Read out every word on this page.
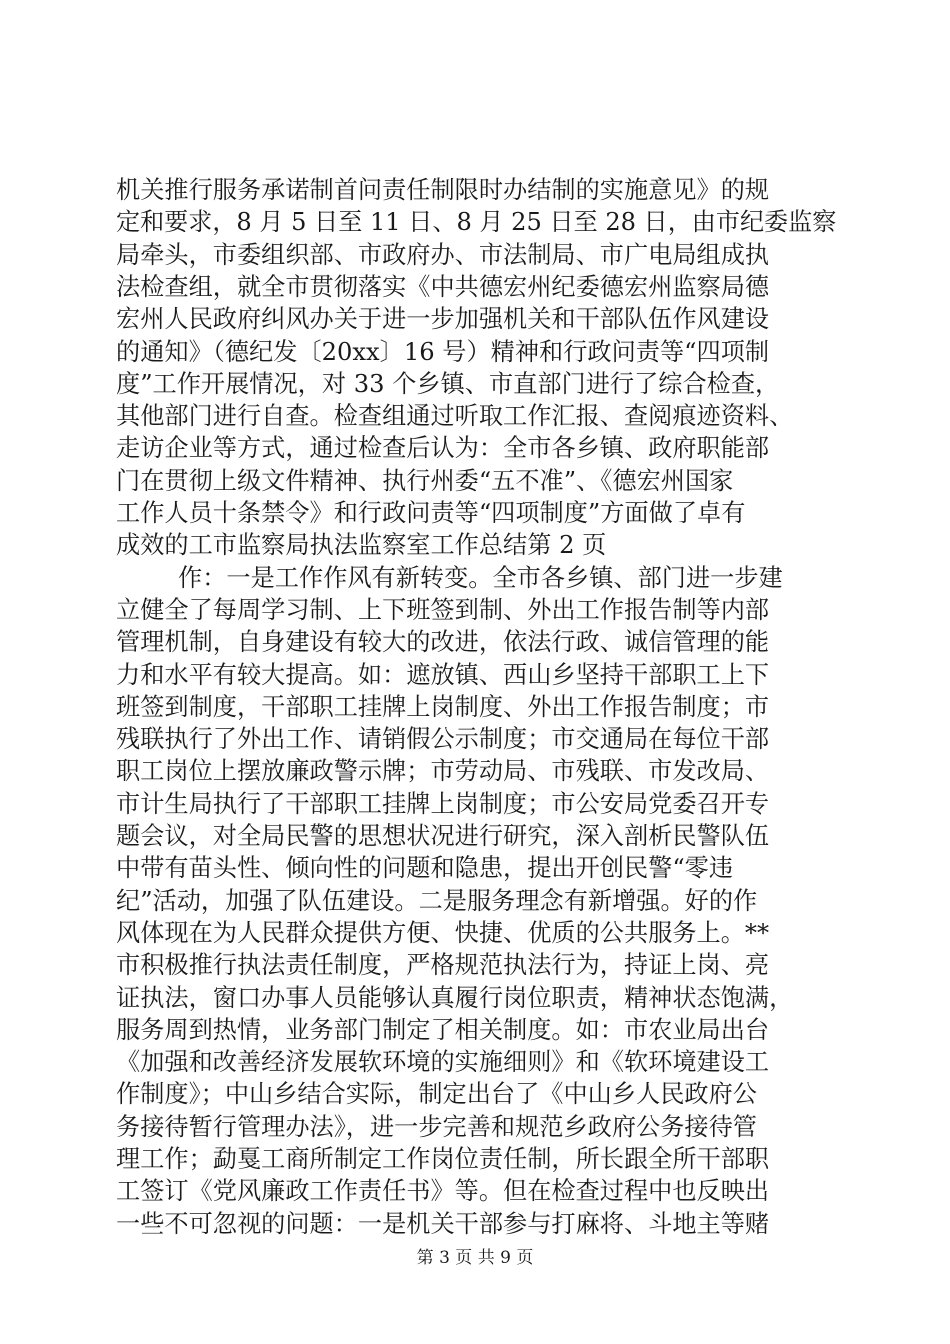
机关推行服务承诺制首问责任制限时办结制的实施意见》的规
定和要求，8 月 5 日至 11 日、8 月 25 日至 28 日，由市纪委监察
局牵头，市委组织部、市政府办、市法制局、市广电局组成执
法检查组，就全市贯彻落实《中共德宏州纪委德宏州监察局德
宏州人民政府纠风办关于进一步加强机关和干部队伍作风建设
的通知》（德纪发〔20xx〕16 号）精神和行政问责等“四项制
度”工作开展情况，对 33 个乡镇、市直部门进行了综合检查，
其他部门进行自查。检查组通过听取工作汇报、查阅痕迹资料、
走访企业等方式，通过检查后认为：全市各乡镇、政府职能部
门在贯彻上级文件精神、执行州委“五不准”、《德宏州国家
工作人员十条禁令》和行政问责等“四项制度”方面做了卓有
成效的工市监察局执法监察室工作总结第 2 页
作：一是工作作风有新转变。全市各乡镇、部门进一步建
立健全了每周学习制、上下班签到制、外出工作报告制等内部
管理机制，自身建设有较大的改进，依法行政、诚信管理的能
力和水平有较大提高。如：遮放镇、西山乡坚持干部职工上下
班签到制度，干部职工挂牌上岗制度、外出工作报告制度；市
残联执行了外出工作、请销假公示制度；市交通局在每位干部
职工岗位上摆放廉政警示牌；市劳动局、市残联、市发改局、
市计生局执行了干部职工挂牌上岗制度；市公安局党委召开专
题会议，对全局民警的思想状况进行研究，深入剖析民警队伍
中带有苗头性、倾向性的问题和隐患，提出开创民警“零违
纪”活动，加强了队伍建设。二是服务理念有新增强。好的作
风体现在为人民群众提供方便、快捷、优质的公共服务上。**
市积极推行执法责任制度，严格规范执法行为，持证上岗、亮
证执法，窗口办事人员能够认真履行岗位职责，精神状态饱满，
服务周到热情，业务部门制定了相关制度。如：市农业局出台
《加强和改善经济发展软环境的实施细则》和《软环境建设工
作制度》；中山乡结合实际，制定出台了《中山乡人民政府公
务接待暂行管理办法》，进一步完善和规范乡政府公务接待管
理工作；勐戛工商所制定工作岗位责任制，所长跟全所干部职
工签订《党风廉政工作责任书》等。但在检查过程中也反映出
一些不可忽视的问题：一是机关干部参与打麻将、斗地主等赌
第 3 页 共 9 页
